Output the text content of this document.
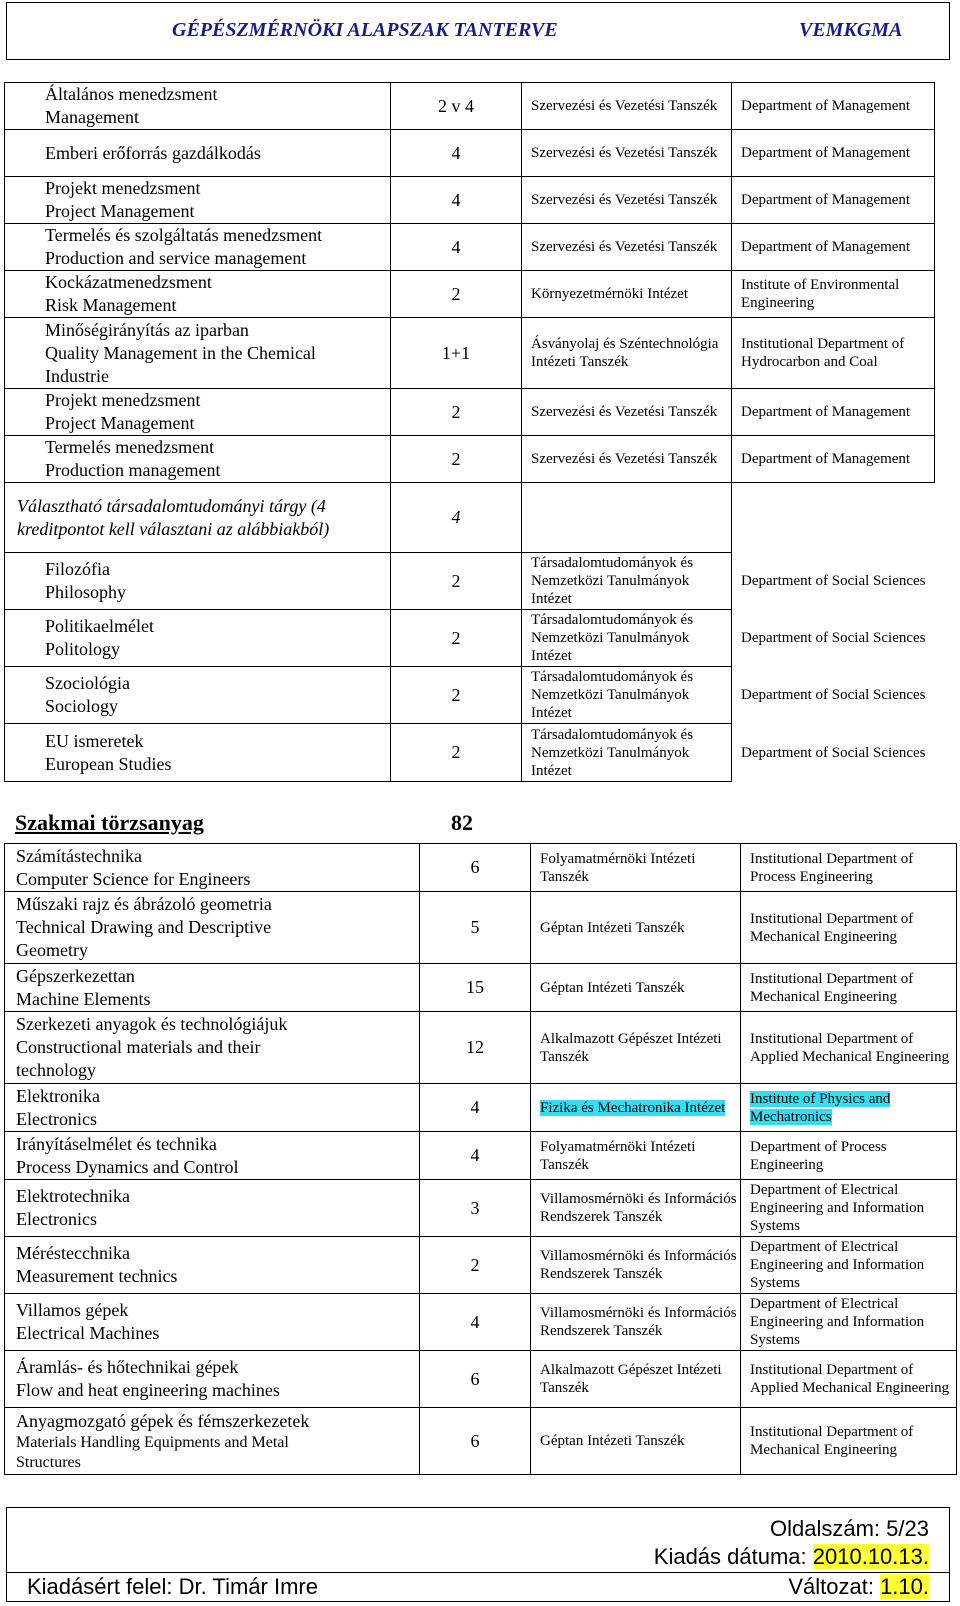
GÉPÉSZMÉRNÖKI ALAPSZAK TANTERVE	VEMKGMA
Általános menedzsment
Management	2 v 4	Szervezési és Vezetési Tanszék	Department of Management

Emberi erőforrás gazdálkodás	4	Szervezési és Vezetési Tanszék	Department of Management

Projekt menedzsment
Project Management	4	Szervezési és Vezetési Tanszék	Department of Management

Termelés és szolgáltatás menedzsment
Production and service management	4	Szervezési és Vezetési Tanszék	Department of Management

Kockázatmenedzsment
Risk Management	2	Környezetmérnöki Intézet	Institute of Environmental Engineering

Minőségirányítás az iparban
Quality Management in the Chemical
Industrie	1+1	Ásványolaj és Széntechnológia Intézeti Tanszék	Institutional Department of Hydrocarbon and Coal

Projekt menedzsment
Project Management	2	Szervezési és Vezetési Tanszék	Department of Management

Termelés menedzsment
Production management	2	Szervezési és Vezetési Tanszék	Department of Management
Választható társadalomtudományi tárgy (4 kreditpontot kell választani az alábbiakból)	4		

Filozófia
Philosophy	2	Társadalomtudományok és Nemzetközi Tanulmányok Intézet	Department of Social Sciences

Politikaelmélet
Politology	2	Társadalomtudományok és Nemzetközi Tanulmányok Intézet	Department of Social Sciences

Szociológia
Sociology	2	Társadalomtudományok és Nemzetközi Tanulmányok Intézet	Department of Social Sciences

EU ismeretek
European Studies	2	Társadalomtudományok és Nemzetközi Tanulmányok Intézet	Department of Social Sciences
Szakmai törzsanyag	82
Számítástechnika
Computer Science for Engineers	6	Folyamatmérnöki Intézeti Tanszék	Institutional Department of Process Engineering

Műszaki rajz és ábrázoló geometria
Technical Drawing and Descriptive
Geometry	5	Géptan Intézeti Tanszék	Institutional Department of Mechanical Engineering

Gépszerkezettan
Machine Elements	15	Géptan Intézeti Tanszék	Institutional Department of Mechanical Engineering

Szerkezeti anyagok és technológiájuk
Constructional materials and their
technology	12	Alkalmazott Gépészet Intézeti Tanszék	Institutional Department of Applied Mechanical Engineering

Elektronika
Electronics	4	Fizika és Mechatronika Intézet	Institute of Physics and Mechatronics

Irányításelmélet és technika
Process Dynamics and Control	4	Folyamatmérnöki Intézeti Tanszék	Department of Process Engineering

Elektrotechnika
Electronics	3	Villamosmérnöki és Információs Rendszerek Tanszék	Department of Electrical Engineering and Information Systems

Méréstecchnika
Measurement technics	2	Villamosmérnöki és Információs Rendszerek Tanszék	Department of Electrical Engineering and Information Systems

Villamos gépek
Electrical Machines	4	Villamosmérnöki és Információs Rendszerek Tanszék	Department of Electrical Engineering and Information Systems

Áramlás- és hőtechnikai gépek
Flow and heat engineering machines	6	Alkalmazott Gépészet Intézeti Tanszék	Institutional Department of Applied Mechanical Engineering

Anyagmozgató gépek és fémszerkezetek
Materials Handling Equipments and Metal
Structures	6	Géptan Intézeti Tanszék	Institutional Department of Mechanical Engineering
Oldalszám: 5/23
Kiadás dátuma: 2010.10.13.
Kiadásért felel: Dr. Timár Imre	Változat: 1.10.
